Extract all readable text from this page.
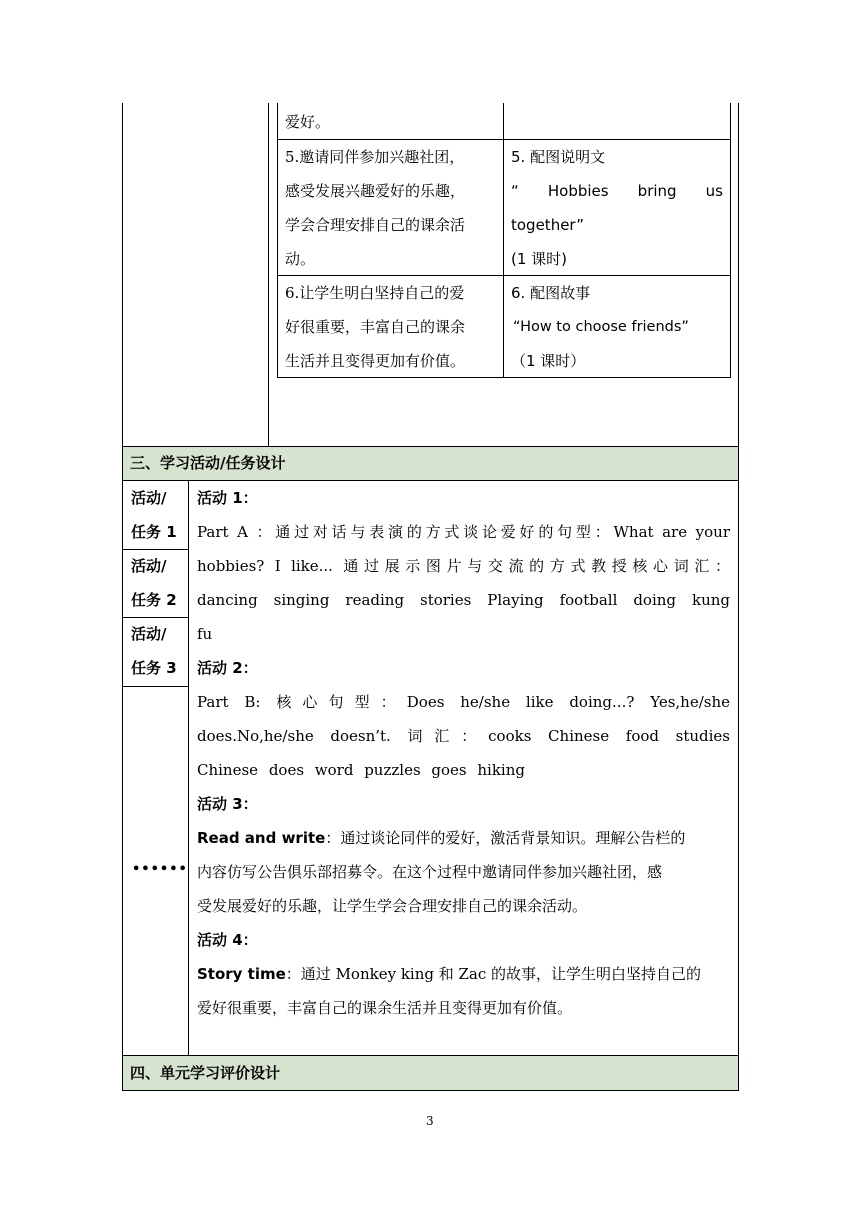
爱好。
5.邀请同伴参加兴趣社团，
感受发展兴趣爱好的乐趣，
学会合理安排自己的课余活
动。
5. 配图说明文
“ Hobbies bring us
together”
(1 课时)
6.让学生明白坚持自己的爱
好很重要，丰富自己的课余
生活并且变得更加有价值。
6. 配图故事
“How to choose friends”
（1 课时）
三、学习活动/任务设计
活动/
任务 1
活动/
任务 2
活动/
任务 3
••••••
活动 1：
Part A ：通过对话与表演的方式谈论爱好的句型：What are your
hobbies? I like... 通过展示图片与交流的方式教授核心词汇：
dancing singing reading stories Playing football doing kung
fu
活动 2：
Part B: 核心句型：Does he/she like doing...? Yes,he/she
does.No,he/she doesn’t. 词汇：cooks Chinese food studies
Chinese does word puzzles goes hiking
活动 3：
Read and write：通过谈论同伴的爱好，激活背景知识。理解公告栏的
内容仿写公告俱乐部招募令。在这个过程中邀请同伴参加兴趣社团，感
受发展爱好的乐趣，让学生学会合理安排自己的课余活动。
活动 4：
Story time：通过 Monkey king 和 Zac 的故事，让学生明白坚持自己的
爱好很重要，丰富自己的课余生活并且变得更加有价值。
四、单元学习评价设计
3
